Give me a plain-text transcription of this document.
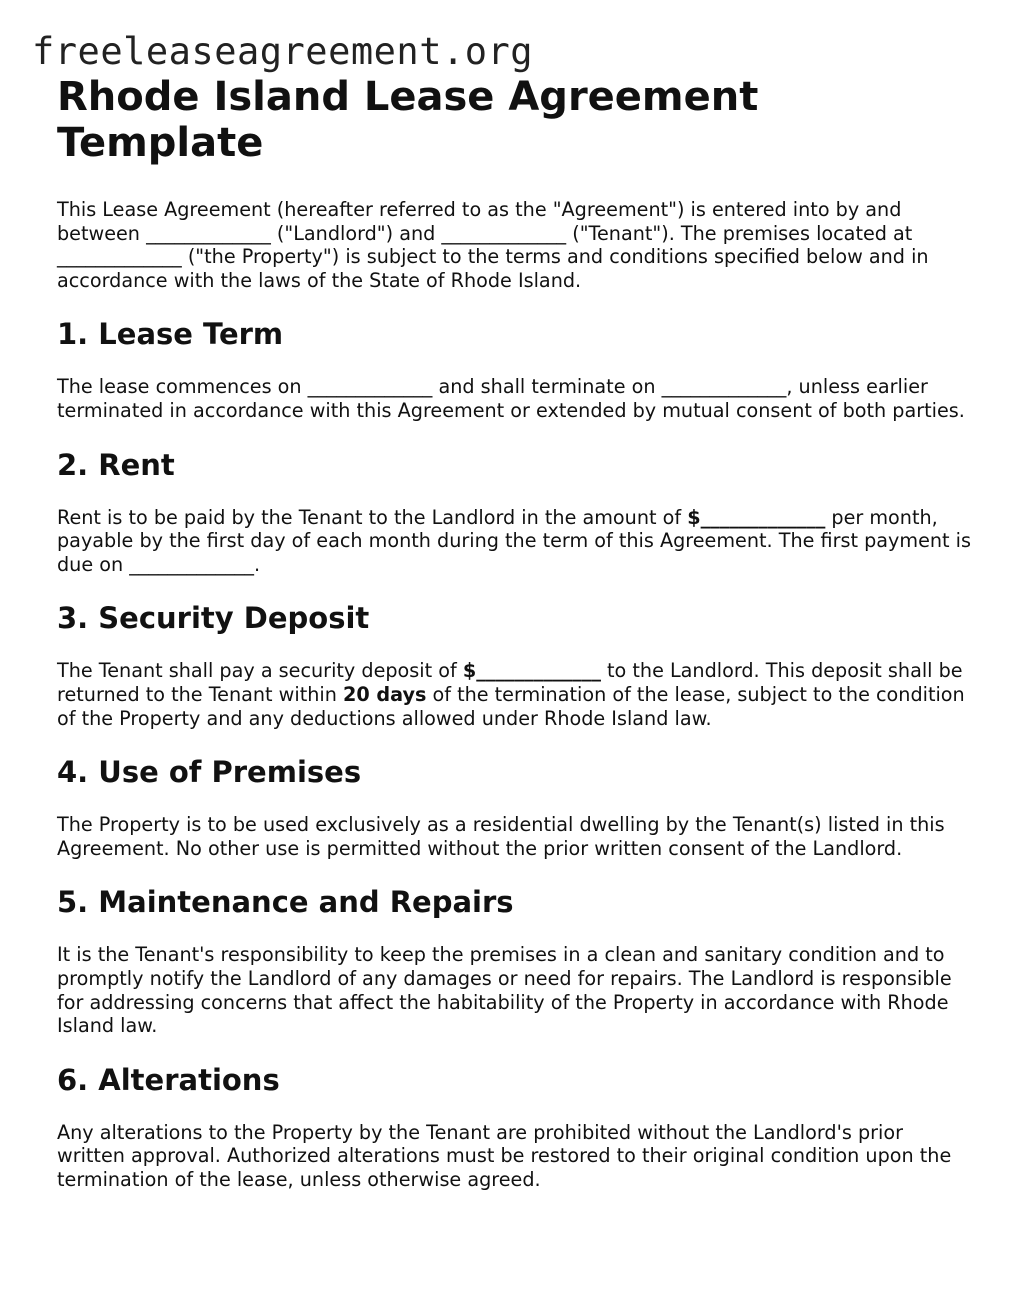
freeleaseagreement.org
Rhode Island Lease Agreement Template

This Lease Agreement (hereafter referred to as the "Agreement") is entered into by and between _____________ ("Landlord") and _____________ ("Tenant"). The premises located at _____________ ("the Property") is subject to the terms and conditions specified below and in accordance with the laws of the State of Rhode Island.

1. Lease Term

The lease commences on _____________ and shall terminate on _____________, unless earlier terminated in accordance with this Agreement or extended by mutual consent of both parties.

2. Rent

Rent is to be paid by the Tenant to the Landlord in the amount of $_____________ per month, payable by the first day of each month during the term of this Agreement. The first payment is due on _____________.

3. Security Deposit

The Tenant shall pay a security deposit of $_____________ to the Landlord. This deposit shall be returned to the Tenant within 20 days of the termination of the lease, subject to the condition of the Property and any deductions allowed under Rhode Island law.

4. Use of Premises

The Property is to be used exclusively as a residential dwelling by the Tenant(s) listed in this Agreement. No other use is permitted without the prior written consent of the Landlord.

5. Maintenance and Repairs

It is the Tenant's responsibility to keep the premises in a clean and sanitary condition and to promptly notify the Landlord of any damages or need for repairs. The Landlord is responsible for addressing concerns that affect the habitability of the Property in accordance with Rhode Island law.

6. Alterations

Any alterations to the Property by the Tenant are prohibited without the Landlord's prior written approval. Authorized alterations must be restored to their original condition upon the termination of the lease, unless otherwise agreed.
